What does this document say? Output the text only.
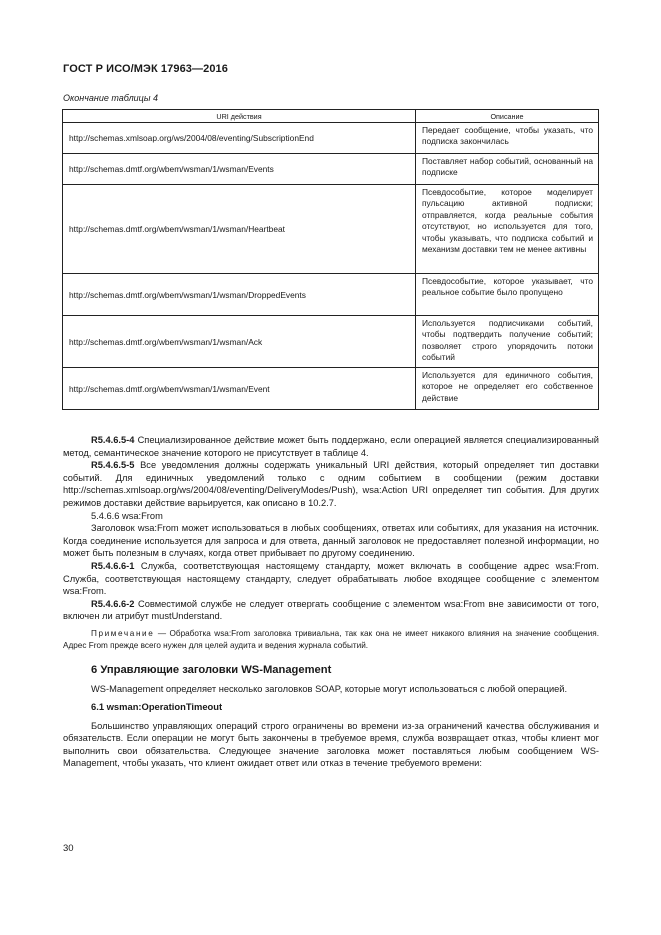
ГОСТ Р ИСО/МЭК 17963—2016
Окончание таблицы 4
URI действия	Описание
http://schemas.xmlsoap.org/ws/2004/08/eventing/SubscriptionEnd	Передает сообщение, чтобы указать, что подписка закончилась
http://schemas.dmtf.org/wbem/wsman/1/wsman/Events	Поставляет набор событий, основанный на подписке
http://schemas.dmtf.org/wbem/wsman/1/wsman/Heartbeat	Псевдособытие, которое моделирует пульсацию активной подписки; отправляется, когда реальные события отсутствуют, но используется для того, чтобы указывать, что подписка событий и механизм доставки тем не менее активны
http://schemas.dmtf.org/wbem/wsman/1/wsman/DroppedEvents	Псевдособытие, которое указывает, что реальное событие было пропущено
http://schemas.dmtf.org/wbem/wsman/1/wsman/Ack	Используется подписчиками событий, чтобы подтвердить получение событий; позволяет строго упорядочить потоки событий
http://schemas.dmtf.org/wbem/wsman/1/wsman/Event	Используется для единичного события, которое не определяет его собственное действие

R5.4.6.5-4 Специализированное действие может быть поддержано, если операцией является специализированный метод, семантическое значение которого не присутствует в таблице 4.

R5.4.6.5-5 Все уведомления должны содержать уникальный URI действия, который определяет тип доставки событий. Для единичных уведомлений только с одним событием в сообщении (режим доставки http://schemas.xmlsoap.org/ws/2004/08/eventing/DeliveryModes/Push), wsa:Action URI определяет тип события. Для других режимов доставки действие варьируется, как описано в 10.2.7.

5.4.6.6 wsa:From

Заголовок wsa:From может использоваться в любых сообщениях, ответах или событиях, для указания на источник. Когда соединение используется для запроса и для ответа, данный заголовок не предоставляет полезной информации, но может быть полезным в случаях, когда ответ прибывает по другому соединению.

R5.4.6.6-1 Служба, соответствующая настоящему стандарту, может включать в сообщение адрес wsa:From. Служба, соответствующая настоящему стандарту, следует обрабатывать любое входящее сообщение с элементом wsa:From.

R5.4.6.6-2 Совместимой службе не следует отвергать сообщение с элементом wsa:From вне зависимости от того, включен ли атрибут mustUnderstand.

Примечание — Обработка wsa:From заголовка тривиальна, так как она не имеет никакого влияния на значение сообщения. Адрес From прежде всего нужен для целей аудита и ведения журнала событий.

6 Управляющие заголовки WS-Management

WS-Management определяет несколько заголовков SOAP, которые могут использоваться с любой операцией.

6.1 wsman:OperationTimeout

Большинство управляющих операций строго ограничены во времени из-за ограничений качества обслуживания и обязательств. Если операции не могут быть закончены в требуемое время, служба возвращает отказ, чтобы клиент мог выполнить свои обязательства. Следующее значение заголовка может поставляться любым сообщением WS-Management, чтобы указать, что клиент ожидает ответ или отказ в течение требуемого времени:

30
